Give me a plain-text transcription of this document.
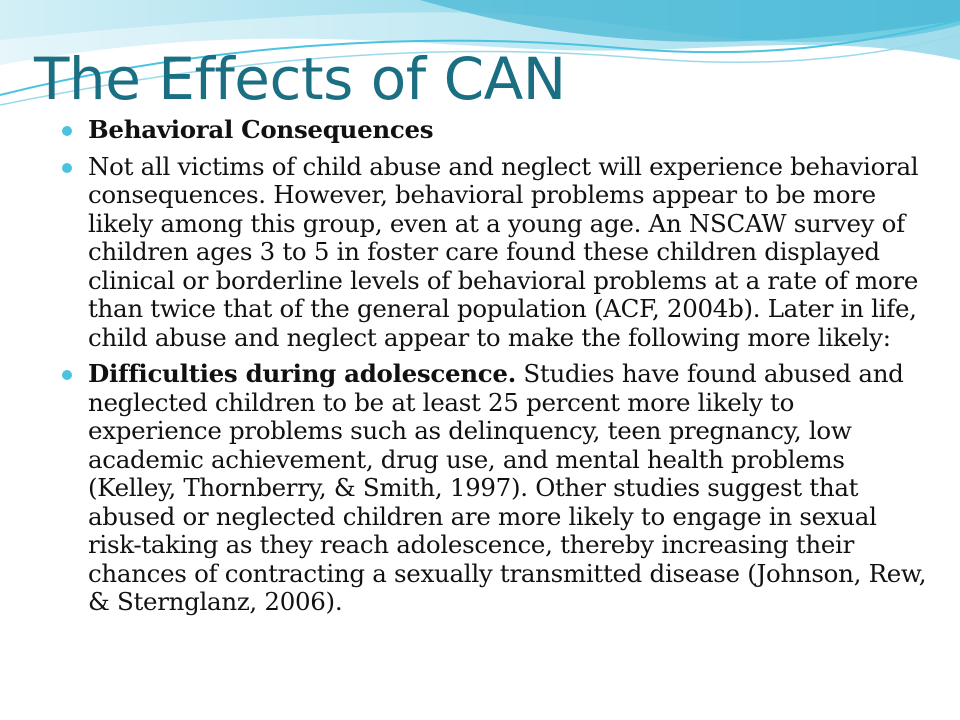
The Effects of CAN
Behavioral Consequences
Not all victims of child abuse and neglect will experience behavioral consequences. However, behavioral problems appear to be more likely among this group, even at a young age. An NSCAW survey of children ages 3 to 5 in foster care found these children displayed clinical or borderline levels of behavioral problems at a rate of more than twice that of the general population (ACF, 2004b). Later in life, child abuse and neglect appear to make the following more likely:
Difficulties during adolescence. Studies have found abused and neglected children to be at least 25 percent more likely to experience problems such as delinquency, teen pregnancy, low academic achievement, drug use, and mental health problems (Kelley, Thornberry, & Smith, 1997). Other studies suggest that abused or neglected children are more likely to engage in sexual risk-taking as they reach adolescence, thereby increasing their chances of contracting a sexually transmitted disease (Johnson, Rew, & Sternglanz, 2006).
